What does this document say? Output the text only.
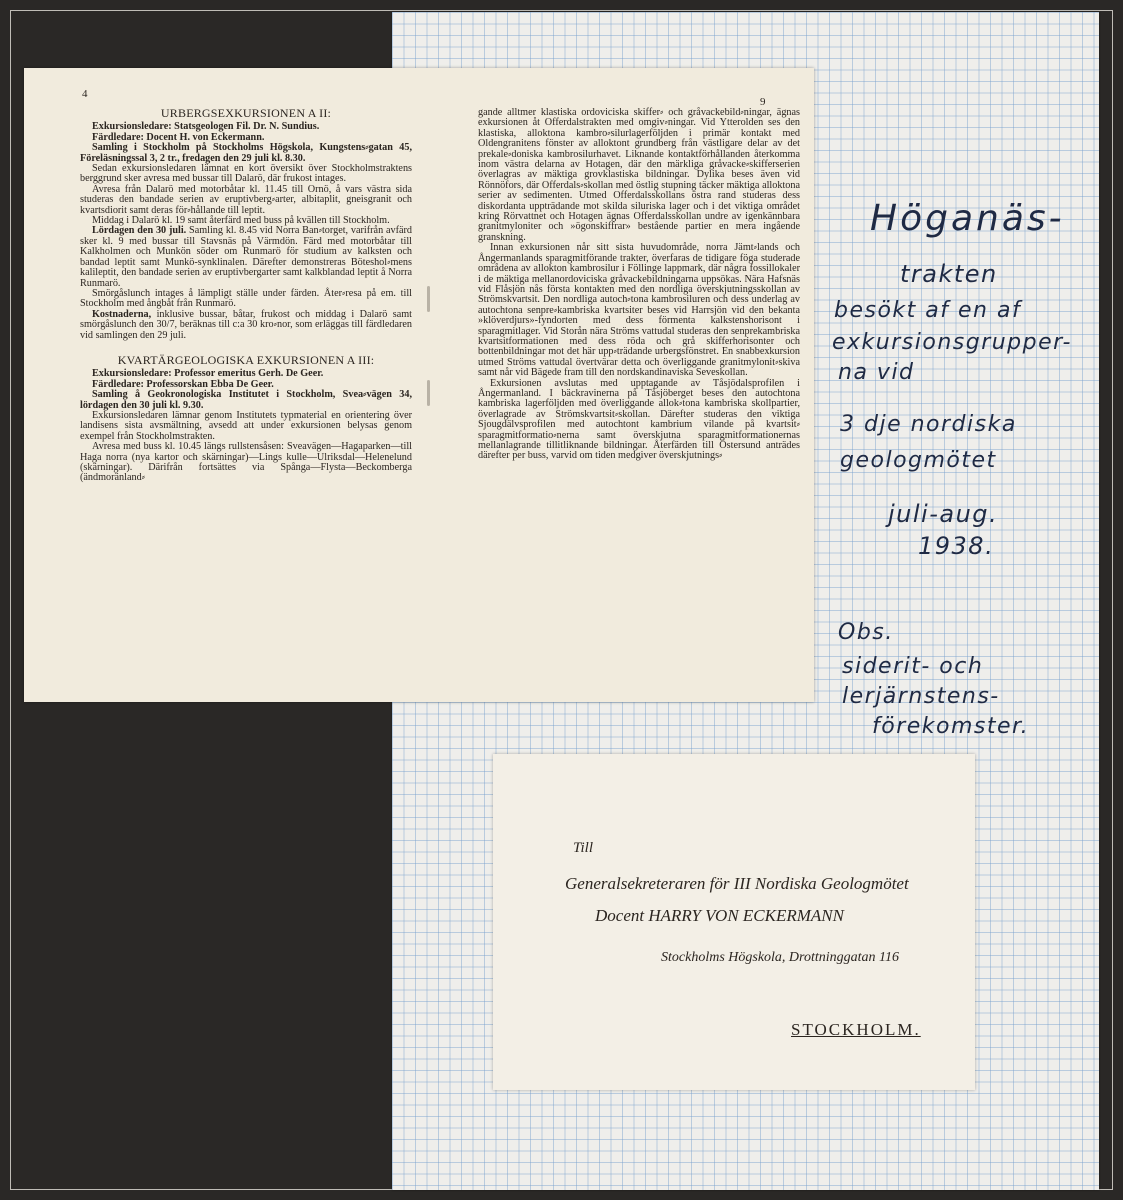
Höganäs-
trakten
besökt af en af
exkursionsgrupper-
na vid
3 dje nordiska
geologmötet
juli-aug.
1938.
Obs.
siderit- och
lerjärnstens-
förekomster.
4

URBERGSEXKURSIONEN A II:

Exkursionsledare: Statsgeologen Fil. Dr. N. Sundius.

Färdledare: Docent H. von Eckermann.

Samling i Stockholm på Stockholms Högskola, Kungstens⸗gatan 45, Föreläsningssal 3, 2 tr., fredagen den 29 juli kl. 8.30.

Sedan exkursionsledaren lämnat en kort översikt över Stockholmstraktens berggrund sker avresa med bussar till Dalarö, där frukost intages.

Avresa från Dalarö med motorbåtar kl. 11.45 till Ornö, å vars västra sida studeras den bandade serien av eruptivberg⸗arter, albitaplit, gneisgranit och kvartsdiorit samt deras för⸗hållande till leptit.

Middag i Dalarö kl. 19 samt återfärd med buss på kvällen till Stockholm.

Lördagen den 30 juli. Samling kl. 8.45 vid Norra Ban⸗torget, varifrån avfärd sker kl. 9 med bussar till Stavsnäs på Värmdön. Färd med motorbåtar till Kalkholmen och Munkön söder om Runmarö för studium av kalksten och bandad leptit samt Munkö-synklinalen. Därefter demonstreras Böteshol⸗mens kalileptit, den bandade serien av eruptivbergarter samt kalkblandad leptit å Norra Runmarö.

Smörgåslunch intages å lämpligt ställe under färden. Åter⸗resa på em. till Stockholm med ångbåt från Runmarö.

Kostnaderna, inklusive bussar, båtar, frukost och middag i Dalarö samt smörgåslunch den 30/7, beräknas till c:a 30 kro⸗nor, som erläggas till färdledaren vid samlingen den 29 juli.

KVARTÄRGEOLOGISKA EXKURSIONEN A III:

Exkursionsledare: Professor emeritus Gerh. De Geer.

Färdledare: Professorskan Ebba De Geer.

Samling å Geokronologiska Institutet i Stockholm, Svea⸗vägen 34, lördagen den 30 juli kl. 9.30.

Exkursionsledaren lämnar genom Institutets typmaterial en orientering över landisens sista avsmältning, avsedd att under exkursionen belysas genom exempel från Stockholmstrakten.

Avresa med buss kl. 10.45 längs rullstensåsen: Sveavägen—Hagaparken—till Haga norra (nya kartor och skärningar)—Lings kulle—Ulriksdal—Helenelund (skärningar). Därifrån fortsättes via Spånga—Flysta—Beckomberga (ändmoränland⸗

9

gande alltmer klastiska ordoviciska skiffer⸗ och gråvackebild⸗ningar, ägnas exkursionen åt Offerdalstrakten med omgiv⸗ningar. Vid Ytterolden ses den klastiska, alloktona kambro⸗silurlagerföljden i primär kontakt med Oldengranitens fönster av alloktont grundberg från västligare delar av det prekale⸗doniska kambrosilurhavet. Liknande kontaktförhållanden återkomma inom västra delarna av Hotagen, där den märkliga gråvacke⸗skifferserien överlagras av mäktiga grovklastiska bildningar. Dylika beses även vid Rönnöfors, där Offerdals⸗skollan med östlig stupning täcker mäktiga alloktona serier av sedimenten. Utmed Offerdalsskollans östra rand studeras dess diskordanta uppträdande mot skilda siluriska lager och i det viktiga området kring Rörvattnet och Hotagen ägnas Offerdalsskollan undre av igenkännbara granitmyloniter och »ögonskiffrar» bestående partier en mera ingående granskning.

Innan exkursionen når sitt sista huvudområde, norra Jämt⸗lands och Ångermanlands sparagmitförande trakter, överfaras de tidigare föga studerade områdena av allokton kambrosilur i Föllinge lappmark, där några fossillokaler i de mäktiga mellanordoviciska gråvackebildningarna uppsökas. Nära Hafsnäs vid Flåsjön nås första kontakten med den nordliga överskjutningsskollan av Strömskvartsit. Den nordliga autoch⸗tona kambrosiluren och dess underlag av autochtona senpre⸗kambriska kvartsiter beses vid Harrsjön vid den bekanta »klöverdjurs»-fyndorten med dess förmenta kalkstenshorisont i sparagmitlager. Vid Storån nära Ströms vattudal studeras den senprekambriska kvartsitformationen med dess röda och grå skifferhorisonter och bottenbildningar mot det här upp⸗trädande urbergsfönstret. En snabbexkursion utmed Ströms vattudal övertvärar detta och överliggande granitmylonit⸗skiva samt når vid Bägede fram till den nordskandinaviska Seveskollan.

Exkursionen avslutas med upptagande av Tåsjödalsprofilen i Ångermanland. I bäckravinerna på Tåsjöberget beses den autochtona kambriska lagerföljden med överliggande allok⸗tona kambriska skollpartier, överlagrade av Strömskvartsit⸗skollan. Därefter studeras den viktiga Sjougdälvsprofilen med autochtont kambrium vilande på kvartsit⸗sparagmitformatio⸗nerna samt överskjutna sparagmitformationernas mellanlagrande tillitliknande bildningar. Återfärden till Östersund anträdes därefter per buss, varvid om tiden medgiver överskjutnings⸗

Till
Generalsekreteraren för III Nordiska Geologmötet
Docent HARRY VON ECKERMANN
Stockholms Högskola, Drottninggatan 116
STOCKHOLM.
